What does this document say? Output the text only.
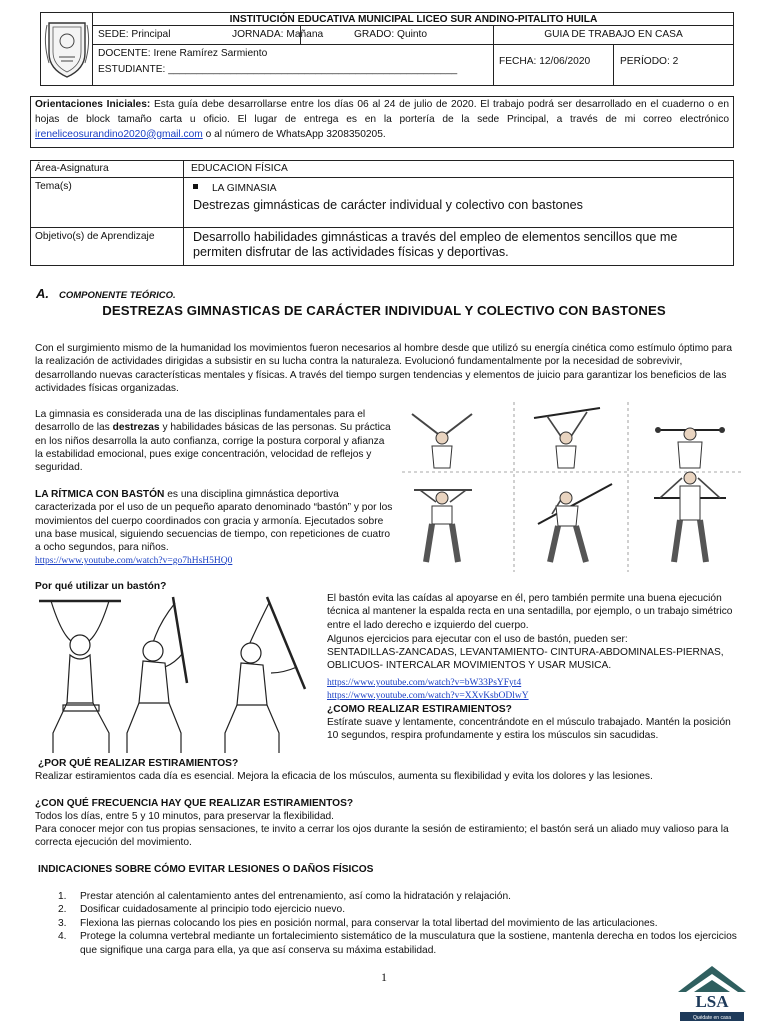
INSTITUCIÓN EDUCATIVA MUNICIPAL LICEO SUR ANDINO-PITALITO HUILA
SEDE: Principal	JORNADA: Mañana	GRADO: Quinto	GUIA DE TRABAJO EN CASA
DOCENTE: Irene Ramírez Sarmiento
ESTUDIANTE: ___________________________________________________
FECHA: 12/06/2020	PERÍODO: 2
Orientaciones Iniciales: Esta guía debe desarrollarse entre los días 06 al 24 de julio de 2020. El trabajo podrá ser desarrollado en el cuaderno o en hojas de block tamaño carta u oficio. El lugar de entrega es en la portería de la sede Principal, a través de mi correo electrónico ireneliceosurandino2020@gmail.com o al número de WhatsApp 3208350205.
Área-Asignatura	EDUCACION FÍSICA
Tema(s)	LA GIMNASIA
Destrezas gimnásticas de carácter individual y colectivo con bastones
Objetivo(s) de Aprendizaje	Desarrollo habilidades gimnásticas a través del empleo de elementos sencillos que me permiten disfrutar de las actividades físicas y deportivas.
A. COMPONENTE TEÓRICO.
DESTREZAS GIMNASTICAS DE CARÁCTER INDIVIDUAL Y COLECTIVO CON BASTONES
Con el surgimiento mismo de la humanidad los movimientos fueron necesarios al hombre desde que utilizó su energía cinética como estímulo óptimo para la realización de actividades dirigidas a subsistir en su lucha contra la naturaleza. Evolucionó fundamentalmente por la necesidad de sobrevivir, desarrollando nuevas características mentales y físicas. A través del tiempo surgen tendencias y elementos de juicio para garantizar los beneficios de las actividades físicas organizadas.
La gimnasia es considerada una de las disciplinas fundamentales para el desarrollo de las destrezas y habilidades básicas de las personas. Su práctica en los niños desarrolla la auto confianza, corrige la postura corporal y afianza la estabilidad emocional, pues exige concentración, velocidad de reflejos y seguridad.
LA RÍTMICA CON BASTÓN es una disciplina gimnástica deportiva caracterizada por el uso de un pequeño aparato denominado “bastón” y por los movimientos del cuerpo coordinados con gracia y armonía. Ejecutados sobre una base musical, siguiendo secuencias de tiempo, con repeticiones de cuatro a ocho segundos, para niños.
https://www.youtube.com/watch?v=go7hHsH5HQ0
Por qué utilizar un bastón?
El bastón evita las caídas al apoyarse en él, pero también permite una buena ejecución técnica al mantener la espalda recta en una sentadilla, por ejemplo, o un trabajo simétrico entre el lado derecho e izquierdo del cuerpo.
Algunos ejercicios para ejecutar con el uso de bastón, pueden ser:
SENTADILLAS-ZANCADAS, LEVANTAMIENTO- CINTURA-ABDOMINALES-PIERNAS, OBLICUOS- INTERCALAR MOVIMIENTOS Y USAR MUSICA.
https://www.youtube.com/watch?v=bW33PsYFyt4
https://www.youtube.com/watch?v=XXvKsbODlwY
¿COMO REALIZAR ESTIRAMIENTOS?
Estírate suave y lentamente, concentrándote en el músculo trabajado. Mantén la posición 10 segundos, respira profundamente y estira los músculos sin sacudidas.
¿POR QUÉ REALIZAR ESTIRAMIENTOS?
Realizar estiramientos cada día es esencial. Mejora la eficacia de los músculos, aumenta su flexibilidad y evita los dolores y las lesiones.
¿CON QUÉ FRECUENCIA HAY QUE REALIZAR ESTIRAMIENTOS?
Todos los días, entre 5 y 10 minutos, para preservar la flexibilidad.
Para conocer mejor con tus propias sensaciones, te invito a cerrar los ojos durante la sesión de estiramiento; el bastón será un aliado muy valioso para la correcta ejecución del movimiento.
INDICACIONES SOBRE CÓMO EVITAR LESIONES O DAÑOS FÍSICOS
1. Prestar atención al calentamiento antes del entrenamiento, así como la hidratación y relajación.
2. Dosificar cuidadosamente al principio todo ejercicio nuevo.
3. Flexiona las piernas colocando los pies en posición normal, para conservar la total libertad del movimiento de las articulaciones.
4. Protege la columna vertebral mediante un fortalecimiento sistemático de la musculatura que la sostiene, mantenla derecha en todos los ejercicios que signifique una carga para ella, ya que así conserva su máxima estabilidad.
1
LSA
Quédate en casa
